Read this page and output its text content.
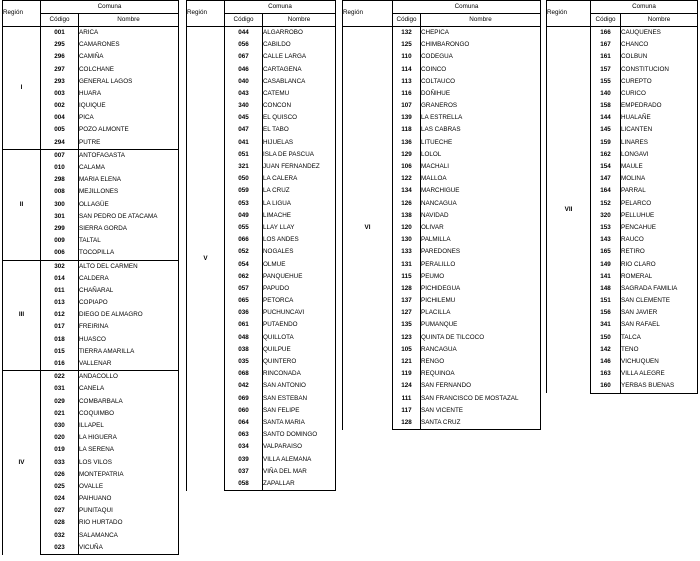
Región	Comuna	
	Código	Nombre
I	001	ARICA
	295	CAMARONES
	296	CAMIÑA
	297	COLCHANE
	293	GENERAL LAGOS
	003	HUARA
	002	IQUIQUE
	004	PICA
	005	POZO ALMONTE
	294	PUTRE
II	007	ANTOFAGASTA
	010	CALAMA
	298	MARIA ELENA
	008	MEJILLONES
	300	OLLAGÜE
	301	SAN PEDRO DE ATACAMA
	299	SIERRA GORDA
	009	TALTAL
	006	TOCOPILLA
III	302	ALTO DEL CARMEN
	014	CALDERA
	011	CHAÑARAL
	013	COPIAPO
	012	DIEGO DE ALMAGRO
	017	FREIRINA
	018	HUASCO
	015	TIERRA AMARILLA
	016	VALLENAR
IV	022	ANDACOLLO
	031	CANELA
	029	COMBARBALA
	021	COQUIMBO
	030	ILLAPEL
	020	LA HIGUERA
	019	LA SERENA
	033	LOS VILOS
	026	MONTEPATRIA
	025	OVALLE
	024	PAIHUANO
	027	PUNITAQUI
	028	RIO HURTADO
	032	SALAMANCA
	023	VICUÑA
Región	Comuna	
	Código	Nombre
V	044	ALGARROBO
	056	CABILDO
	067	CALLE LARGA
	046	CARTAGENA
	040	CASABLANCA
	043	CATEMU
	340	CONCON
	045	EL QUISCO
	047	EL TABO
	041	HIJUELAS
	051	ISLA DE PASCUA
	321	JUAN FERNANDEZ
	050	LA CALERA
	059	LA CRUZ
	053	LA LIGUA
	049	LIMACHE
	055	LLAY LLAY
	066	LOS ANDES
	052	NOGALES
	054	OLMUE
	062	PANQUEHUE
	057	PAPUDO
	065	PETORCA
	036	PUCHUNCAVI
	061	PUTAENDO
	048	QUILLOTA
	038	QUILPUE
	035	QUINTERO
	068	RINCONADA
	042	SAN ANTONIO
	069	SAN ESTEBAN
	060	SAN FELIPE
	064	SANTA MARIA
	063	SANTO DOMINGO
	034	VALPARAISO
	039	VILLA ALEMANA
	037	VIÑA DEL MAR
	058	ZAPALLAR
Región	Comuna	
	Código	Nombre
VI	132	CHEPICA
	125	CHIMBARONGO
	110	CODEGUA
	114	COINCO
	113	COLTAUCO
	116	DOÑIHUE
	107	GRANEROS
	139	LA ESTRELLA
	118	LAS CABRAS
	136	LITUECHE
	129	LOLOL
	106	MACHALI
	122	MALLOA
	134	MARCHIGUE
	126	NANCAGUA
	138	NAVIDAD
	120	OLIVAR
	130	PALMILLA
	133	PAREDONES
	131	PERALILLO
	115	PEUMO
	128	PICHIDEGUA
	137	PICHILEMU
	127	PLACILLA
	135	PUMANQUE
	123	QUINTA DE TILCOCO
	105	RANCAGUA
	121	RENGO
	119	REQUINOA
	124	SAN FERNANDO
	111	SAN FRANCISCO DE MOSTAZAL
	117	SAN VICENTE
	128	SANTA CRUZ
Región	Comuna	
	Código	Nombre
VII	166	CAUQUENES
	167	CHANCO
	161	COLBUN
	157	CONSTITUCION
	155	CUREPTO
	140	CURICO
	158	EMPEDRADO
	144	HUALAÑE
	145	LICANTEN
	159	LINARES
	162	LONGAVI
	154	MAULE
	147	MOLINA
	164	PARRAL
	152	PELARCO
	320	PELLUHUE
	153	PENCAHUE
	143	RAUCO
	165	RETIRO
	149	RIO CLARO
	141	ROMERAL
	148	SAGRADA FAMILIA
	151	SAN CLEMENTE
	156	SAN JAVIER
	341	SAN RAFAEL
	150	TALCA
	142	TENO
	146	VICHUQUEN
	163	VILLA ALEGRE
	160	YERBAS BUENAS
